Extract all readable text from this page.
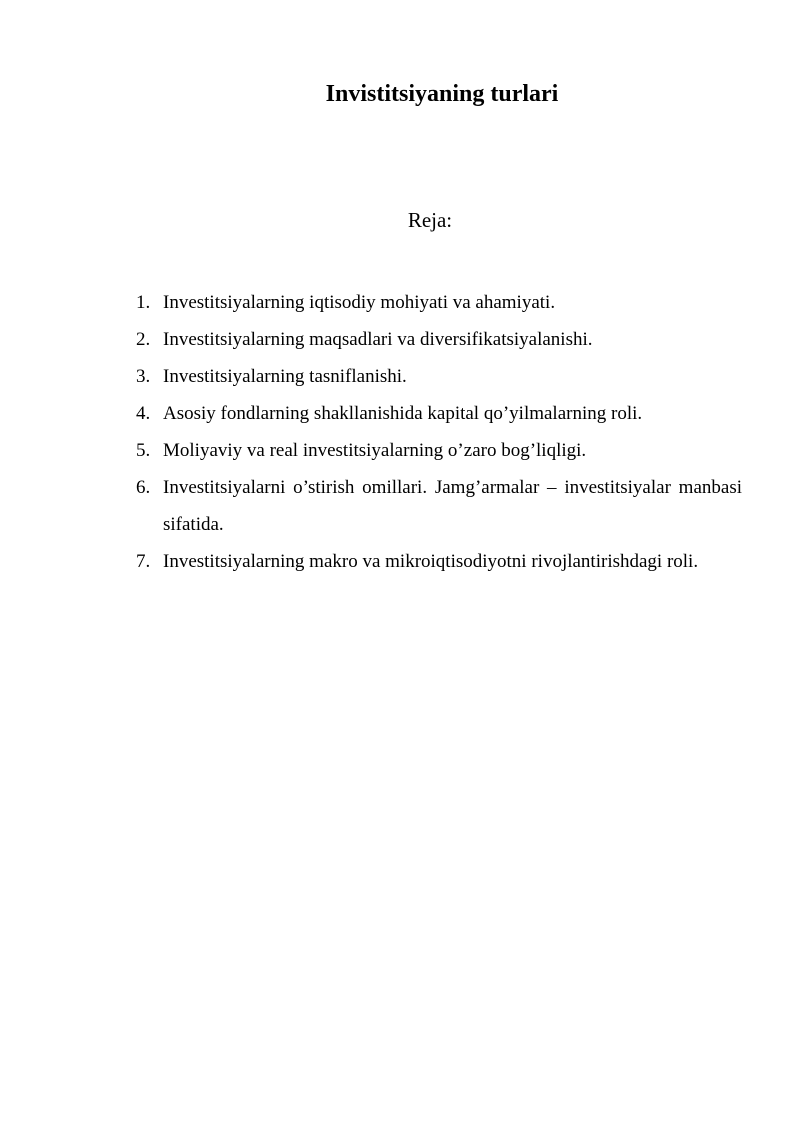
Invistitsiyaning turlari

Reja:

1. Investitsiyalarning iqtisodiy mohiyati va ahamiyati.
2. Investitsiyalarning maqsadlari va diversifikatsiyalanishi.
3. Investitsiyalarning tasniflanishi.
4. Asosiy fondlarning shakllanishida kapital qo’yilmalarning roli.
5. Moliyaviy va real investitsiyalarning o’zaro bog’liqligi.
6. Investitsiyalarni o’stirish omillari. Jamg’armalar – investitsiyalar manbasi sifatida.
7. Investitsiyalarning makro va mikroiqtisodiyotni rivojlantirishdagi roli.
